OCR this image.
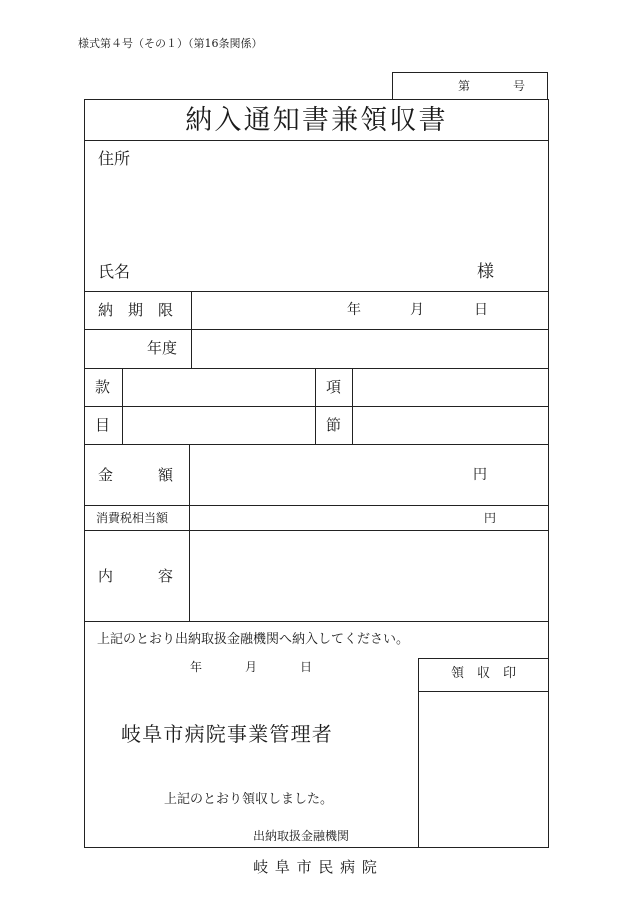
様式第４号（その１）（第16条関係）
第	号
納入通知書兼領収書
住所
氏名	様
納　期　限	年	月	日
年度
款	項
目	節
金　　　額	円
消費税相当額	円
内　　　容
上記のとおり出納取扱金融機関へ納入してください。
年	月	日	領　収　印
岐阜市病院事業管理者
上記のとおり領収しました。
出納取扱金融機関
岐阜市民病院
